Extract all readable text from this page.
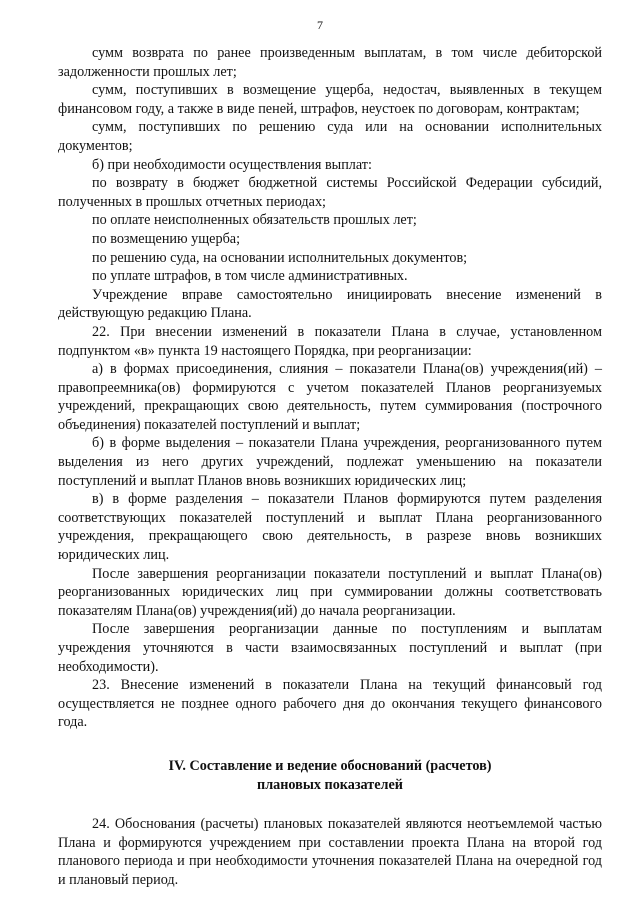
7

сумм возврата по ранее произведенным выплатам, в том числе дебиторской задолженности прошлых лет;

сумм, поступивших в возмещение ущерба, недостач, выявленных в текущем финансовом году, а также в виде пеней, штрафов, неустоек по договорам, контрактам;

сумм, поступивших по решению суда или на основании исполнительных документов;

б) при необходимости осуществления выплат:

по возврату в бюджет бюджетной системы Российской Федерации субсидий, полученных в прошлых отчетных периодах;

по оплате неисполненных обязательств прошлых лет;

по возмещению ущерба;

по решению суда, на основании исполнительных документов;

по уплате штрафов, в том числе административных.

Учреждение вправе самостоятельно инициировать внесение изменений в действующую редакцию Плана.

22. При внесении изменений в показатели Плана в случае, установленном подпунктом «в» пункта 19 настоящего Порядка, при реорганизации:

а) в формах присоединения, слияния – показатели Плана(ов) учреждения(ий) – правопреемника(ов) формируются с учетом показателей Планов реорганизуемых учреждений, прекращающих свою деятельность, путем суммирования (построчного объединения) показателей поступлений и выплат;

б) в форме выделения – показатели Плана учреждения, реорганизованного путем выделения из него других учреждений, подлежат уменьшению на показатели поступлений и выплат Планов вновь возникших юридических лиц;

в) в форме разделения – показатели Планов формируются путем разделения соответствующих показателей поступлений и выплат Плана реорганизованного учреждения, прекращающего свою деятельность, в разрезе вновь возникших юридических лиц.

После завершения реорганизации показатели поступлений и выплат Плана(ов) реорганизованных юридических лиц при суммировании должны соответствовать показателям Плана(ов) учреждения(ий) до начала реорганизации.

После завершения реорганизации данные по поступлениям и выплатам учреждения уточняются в части взаимосвязанных поступлений и выплат (при необходимости).

23. Внесение изменений в показатели Плана на текущий финансовый год осуществляется не позднее одного рабочего дня до окончания текущего финансового года.

IV. Составление и ведение обоснований (расчетов)
плановых показателей

24. Обоснования (расчеты) плановых показателей являются неотъемлемой частью Плана и формируются учреждением при составлении проекта Плана на второй год планового периода и при необходимости уточнения показателей Плана на очередной год и плановый период.
